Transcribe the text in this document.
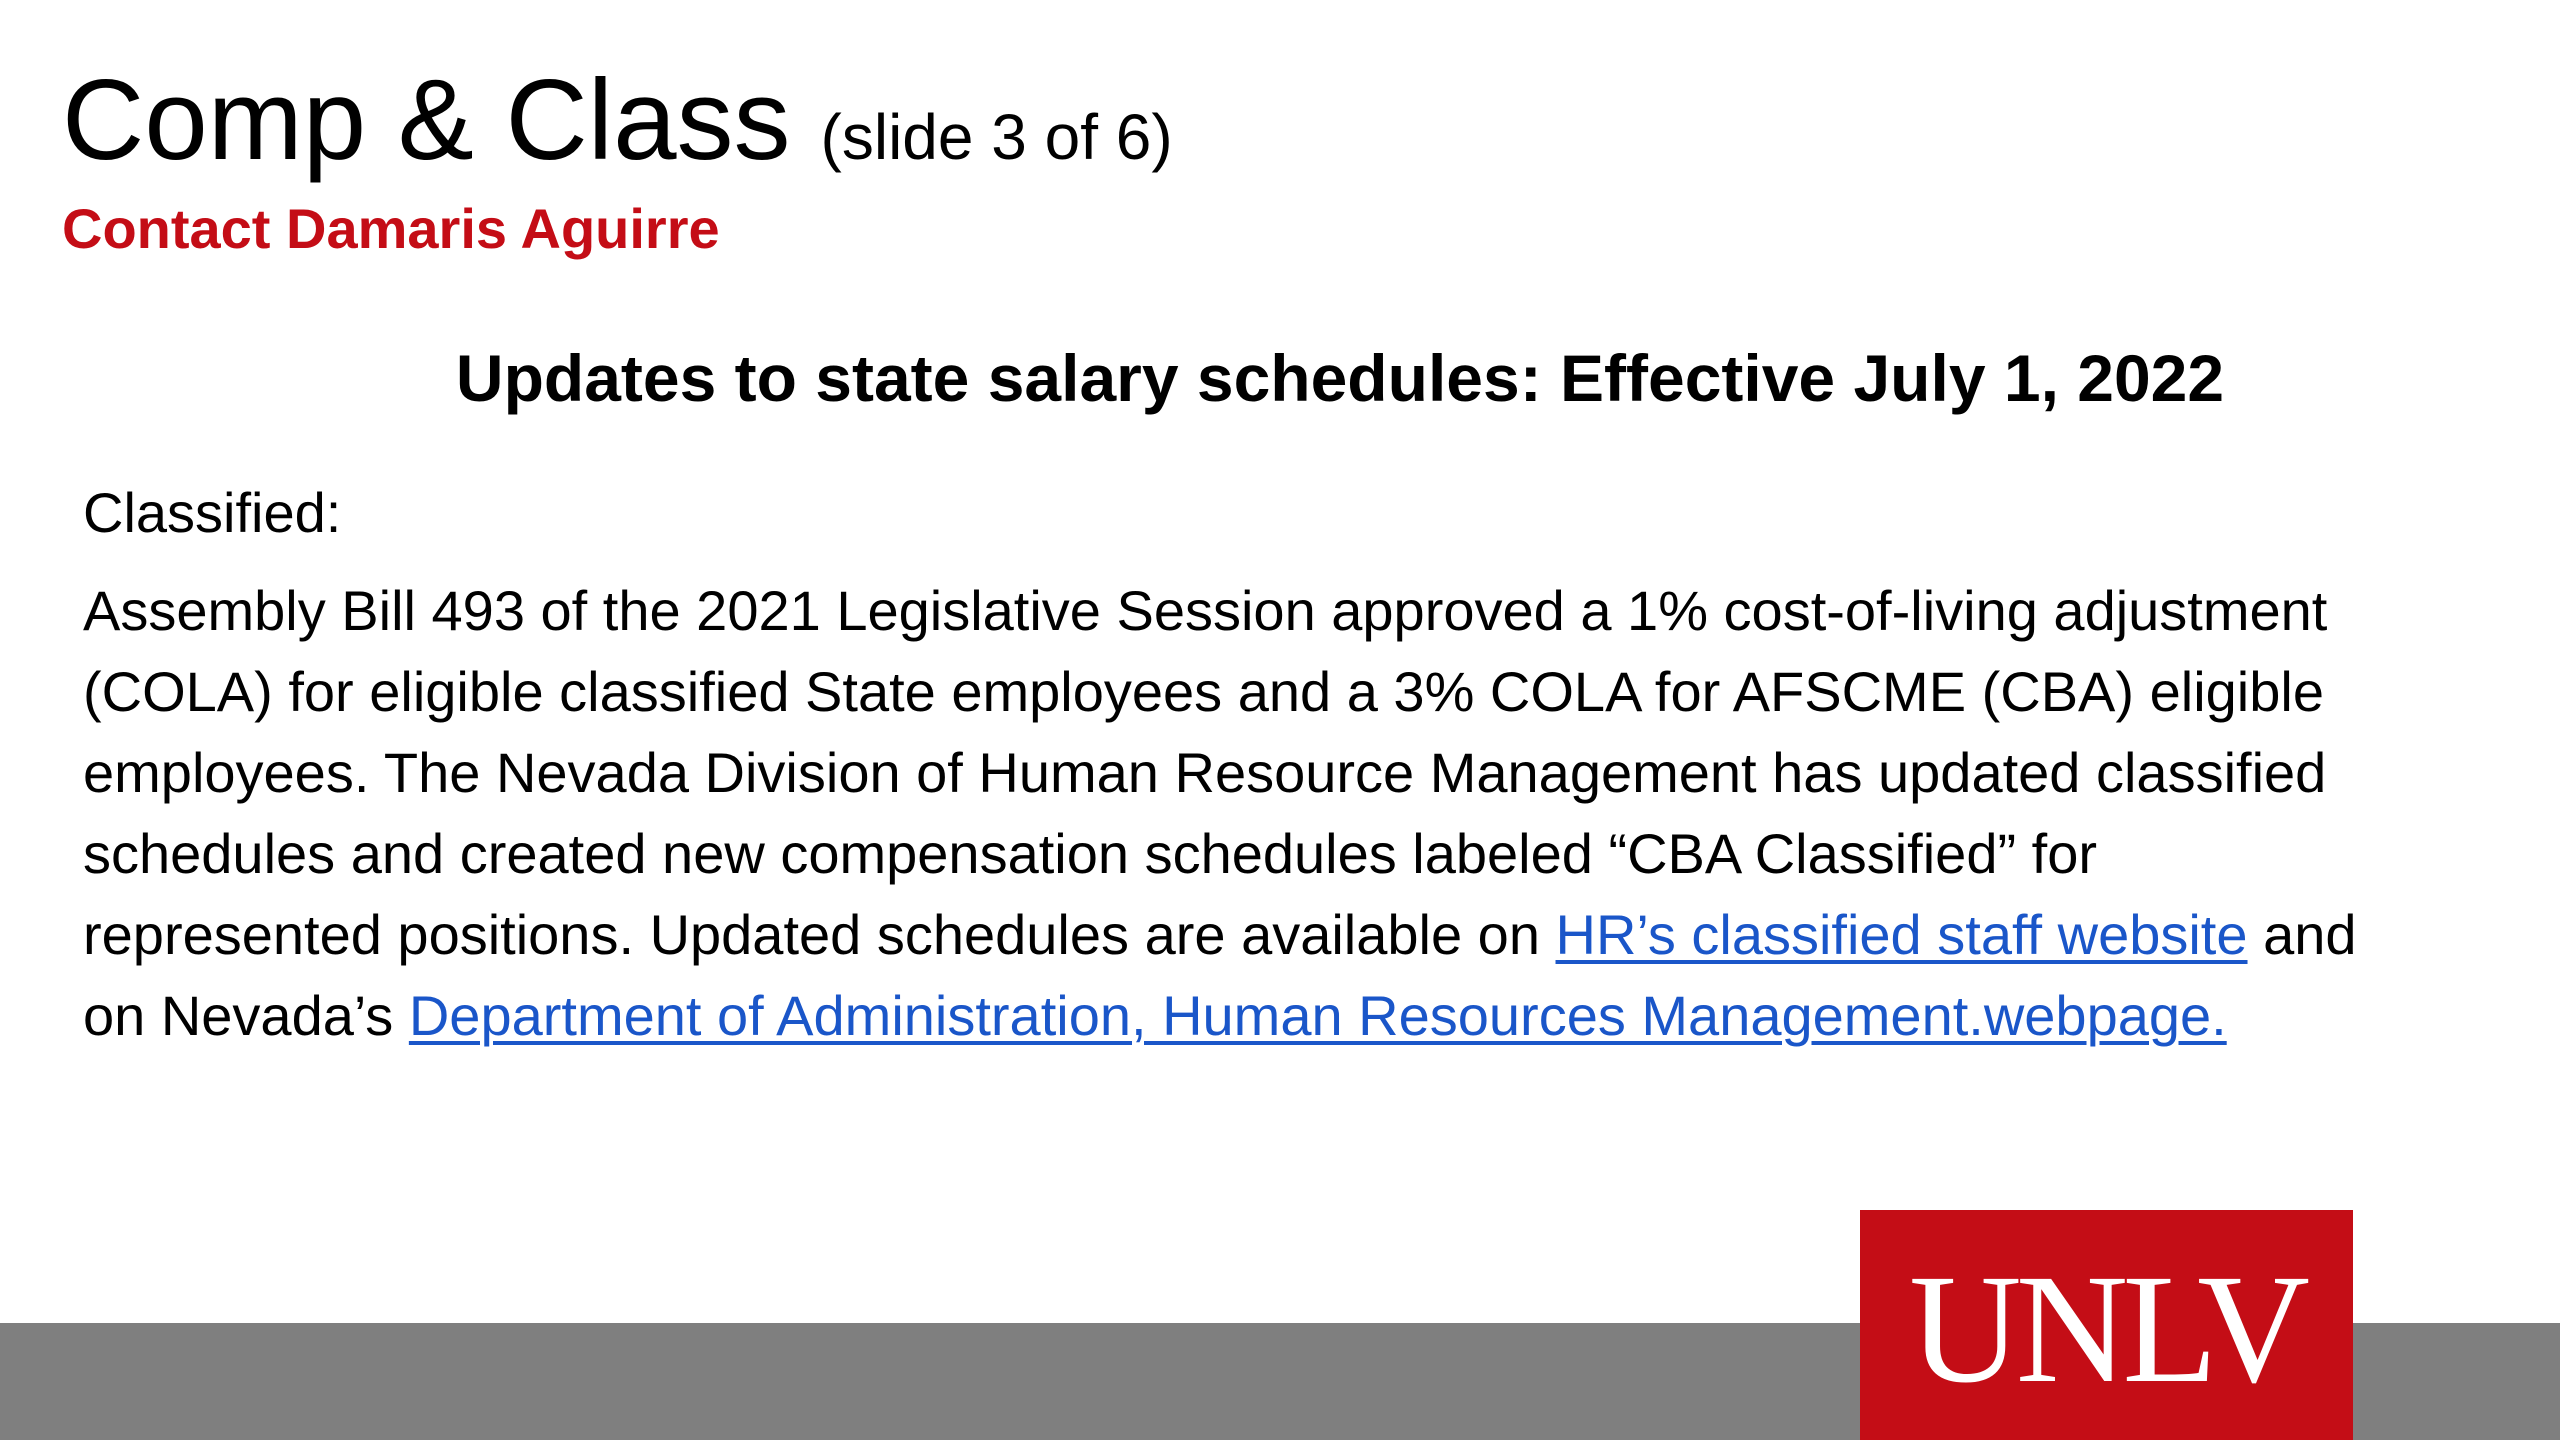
Comp & Class (slide 3 of 6)
Contact Damaris Aguirre
Updates to state salary schedules: Effective July 1, 2022
Classified:
Assembly Bill 493 of the 2021 Legislative Session approved a 1% cost-of-living adjustment
(COLA) for eligible classified State employees and a 3% COLA for AFSCME (CBA) eligible
employees. The Nevada Division of Human Resource Management has updated classified
schedules and created new compensation schedules labeled “CBA Classified” for
represented positions. Updated schedules are available on HR’s classified staff website and
on Nevada’s Department of Administration, Human Resources Management.webpage.
UNLV
